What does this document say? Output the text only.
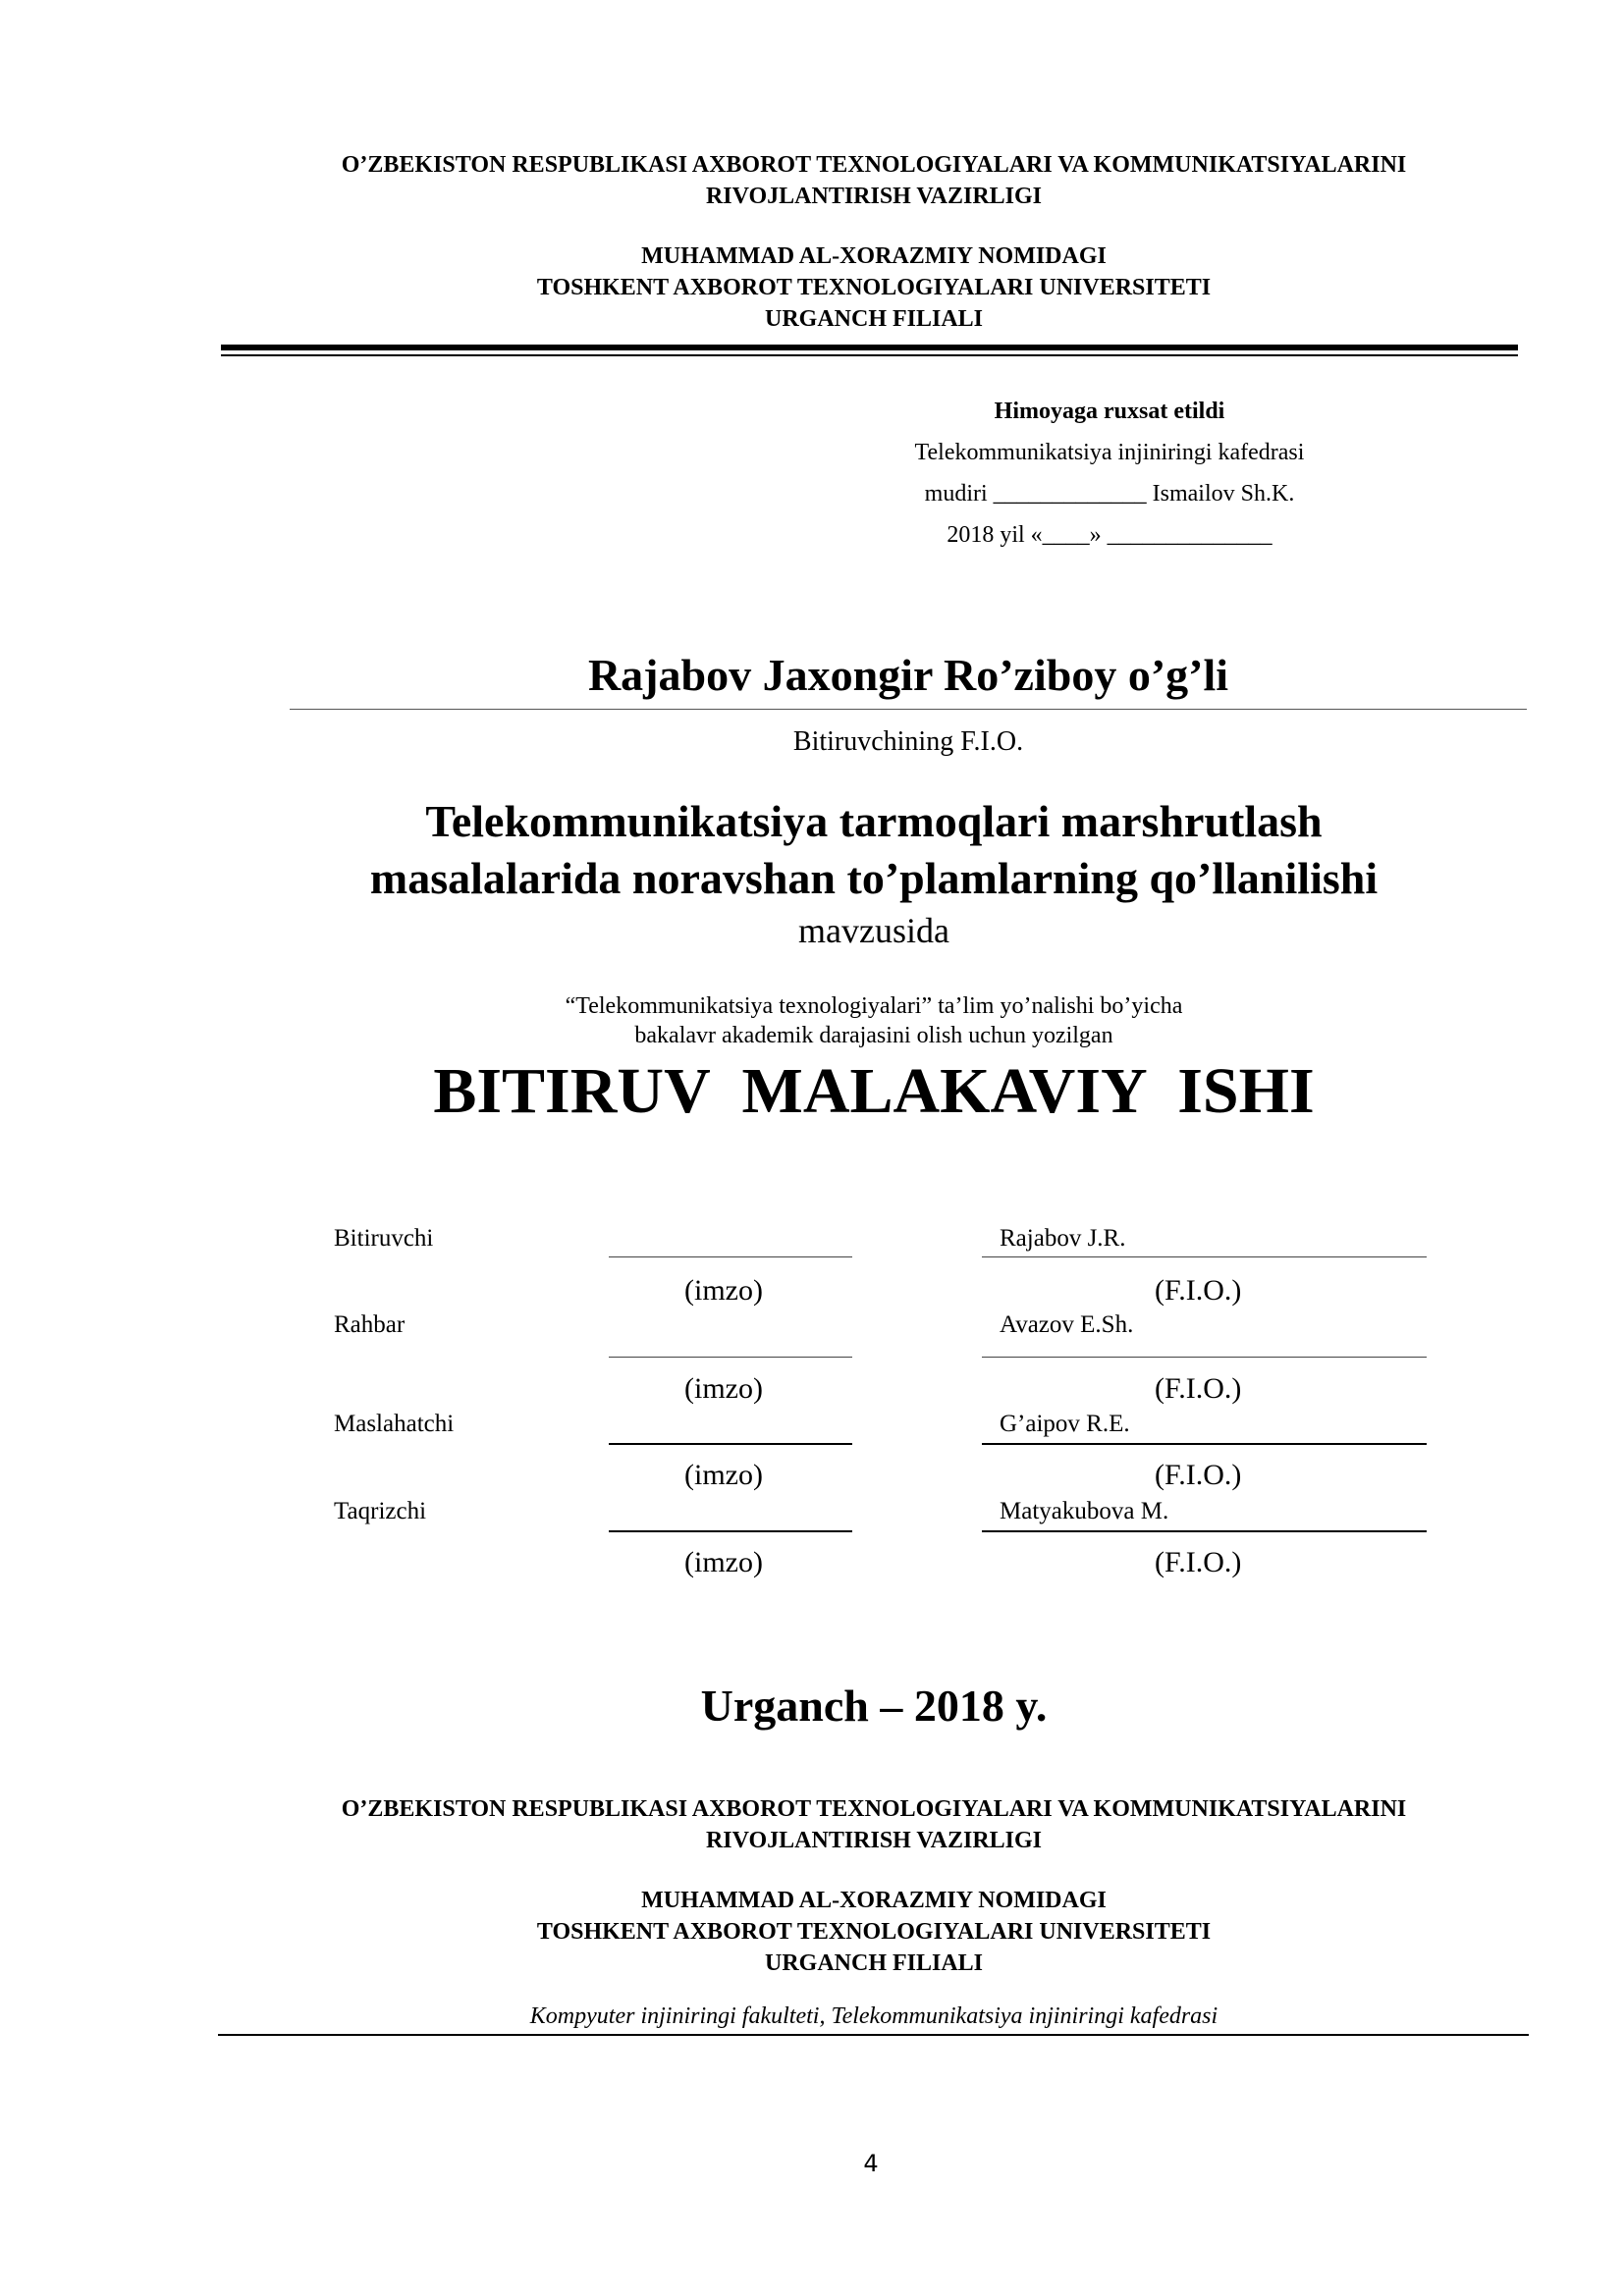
O’ZBEKISTON RESPUBLIKASI AXBOROT TEXNOLOGIYALARI VA KOMMUNIKATSIYALARINI
RIVOJLANTIRISH VAZIRLIGI
MUHAMMAD AL-XORAZMIY NOMIDAGI
TOSHKENT AXBOROT TEXNOLOGIYALARI UNIVERSITETI
URGANCH FILIALI
Himoyaga ruxsat etildi
Telekommunikatsiya injiniringi kafedrasi
mudiri _____________ Ismailov Sh.K.
2018 yil «____» ______________
Rajabov Jaxongir Ro’ziboy o’g’li
Bitiruvchining F.I.O.
Telekommunikatsiya tarmoqlari marshrutlash
masalalarida noravshan to’plamlarning qo’llanilishi
mavzusida
“Telekommunikatsiya texnologiyalari” ta’lim yo’nalishi bo’yicha
bakalavr akademik darajasini olish uchun yozilgan
BITIRUV  MALAKAVIY  ISHI
Bitiruvchi	Rajabov J.R.
(imzo)	(F.I.O.)
Rahbar	Avazov E.Sh.
(imzo)	(F.I.O.)
Maslahatchi	G’aipov R.E.
(imzo)	(F.I.O.)
Taqrizchi	Matyakubova M.
(imzo)	(F.I.O.)
Urganch – 2018 y.
O’ZBEKISTON RESPUBLIKASI AXBOROT TEXNOLOGIYALARI VA KOMMUNIKATSIYALARINI
RIVOJLANTIRISH VAZIRLIGI
MUHAMMAD AL-XORAZMIY NOMIDAGI
TOSHKENT AXBOROT TEXNOLOGIYALARI UNIVERSITETI
URGANCH FILIALI
Kompyuter injiniringi fakulteti, Telekommunikatsiya injiniringi kafedrasi
4
